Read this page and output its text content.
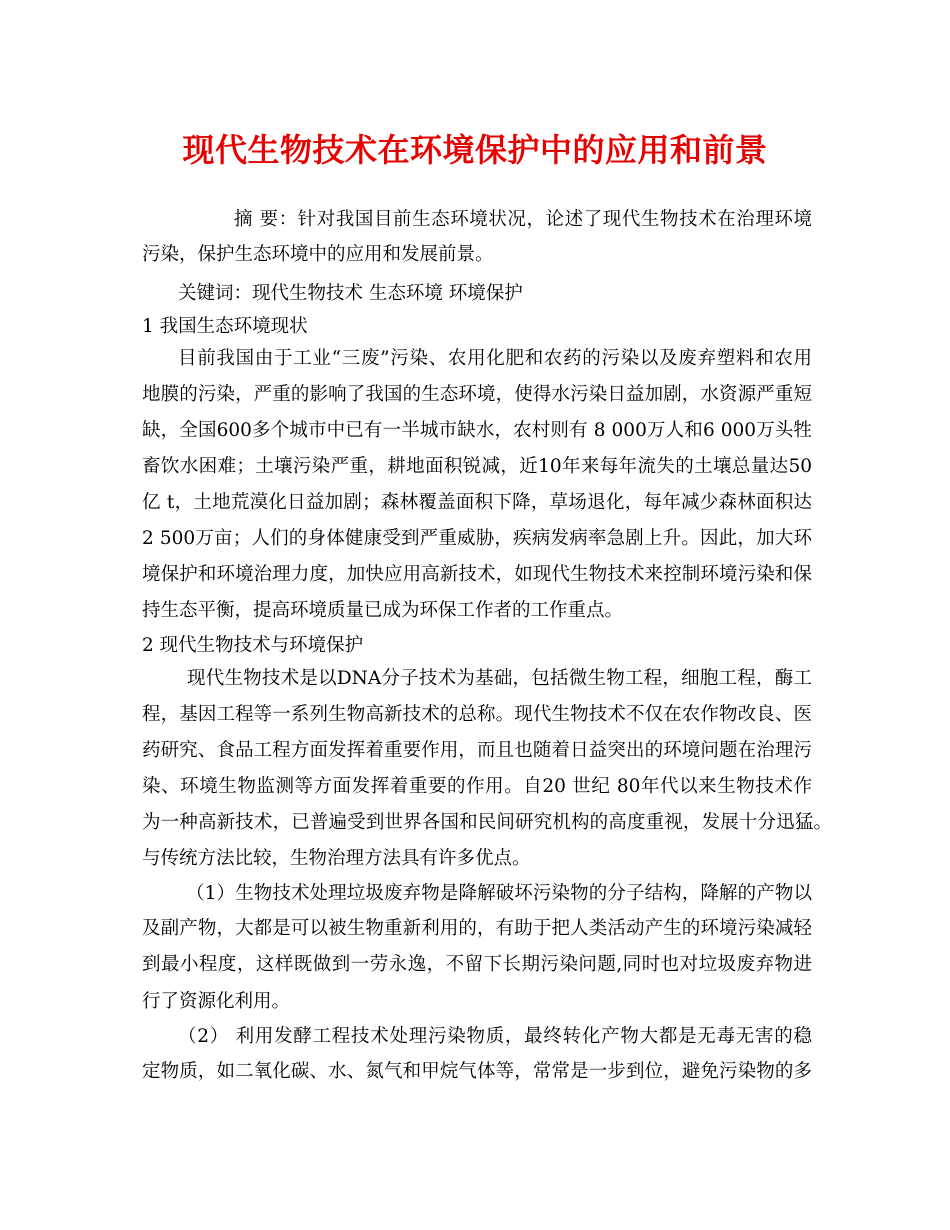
现代生物技术在环境保护中的应用和前景
摘 要：针对我国目前生态环境状况，论述了现代生物技术在治理环境
污染，保护生态环境中的应用和发展前景。
关键词：现代生物技术 生态环境 环境保护
1 我国生态环境现状
目前我国由于工业“三废”污染、农用化肥和农药的污染以及废弃塑料和农用
地膜的污染，严重的影响了我国的生态环境，使得水污染日益加剧，水资源严重短
缺，全国600多个城市中已有一半城市缺水，农村则有 8 000万人和6 000万头牲
畜饮水困难；土壤污染严重，耕地面积锐减，近10年来每年流失的土壤总量达50
亿 t，土地荒漠化日益加剧；森林覆盖面积下降，草场退化，每年减少森林面积达
2 500万亩；人们的身体健康受到严重威胁，疾病发病率急剧上升。因此，加大环
境保护和环境治理力度，加快应用高新技术，如现代生物技术来控制环境污染和保
持生态平衡，提高环境质量已成为环保工作者的工作重点。
2 现代生物技术与环境保护
现代生物技术是以DNA分子技术为基础，包括微生物工程，细胞工程，酶工
程，基因工程等一系列生物高新技术的总称。现代生物技术不仅在农作物改良、医
药研究、食品工程方面发挥着重要作用，而且也随着日益突出的环境问题在治理污
染、环境生物监测等方面发挥着重要的作用。自20 世纪 80年代以来生物技术作
为一种高新技术，已普遍受到世界各国和民间研究机构的高度重视，发展十分迅猛。
与传统方法比较，生物治理方法具有许多优点。
（1）生物技术处理垃圾废弃物是降解破坏污染物的分子结构，降解的产物以
及副产物，大都是可以被生物重新利用的，有助于把人类活动产生的环境污染减轻
到最小程度，这样既做到一劳永逸，不留下长期污染问题,同时也对垃圾废弃物进
行了资源化利用。
（2） 利用发酵工程技术处理污染物质，最终转化产物大都是无毒无害的稳
定物质，如二氧化碳、水、氮气和甲烷气体等，常常是一步到位，避免污染物的多
